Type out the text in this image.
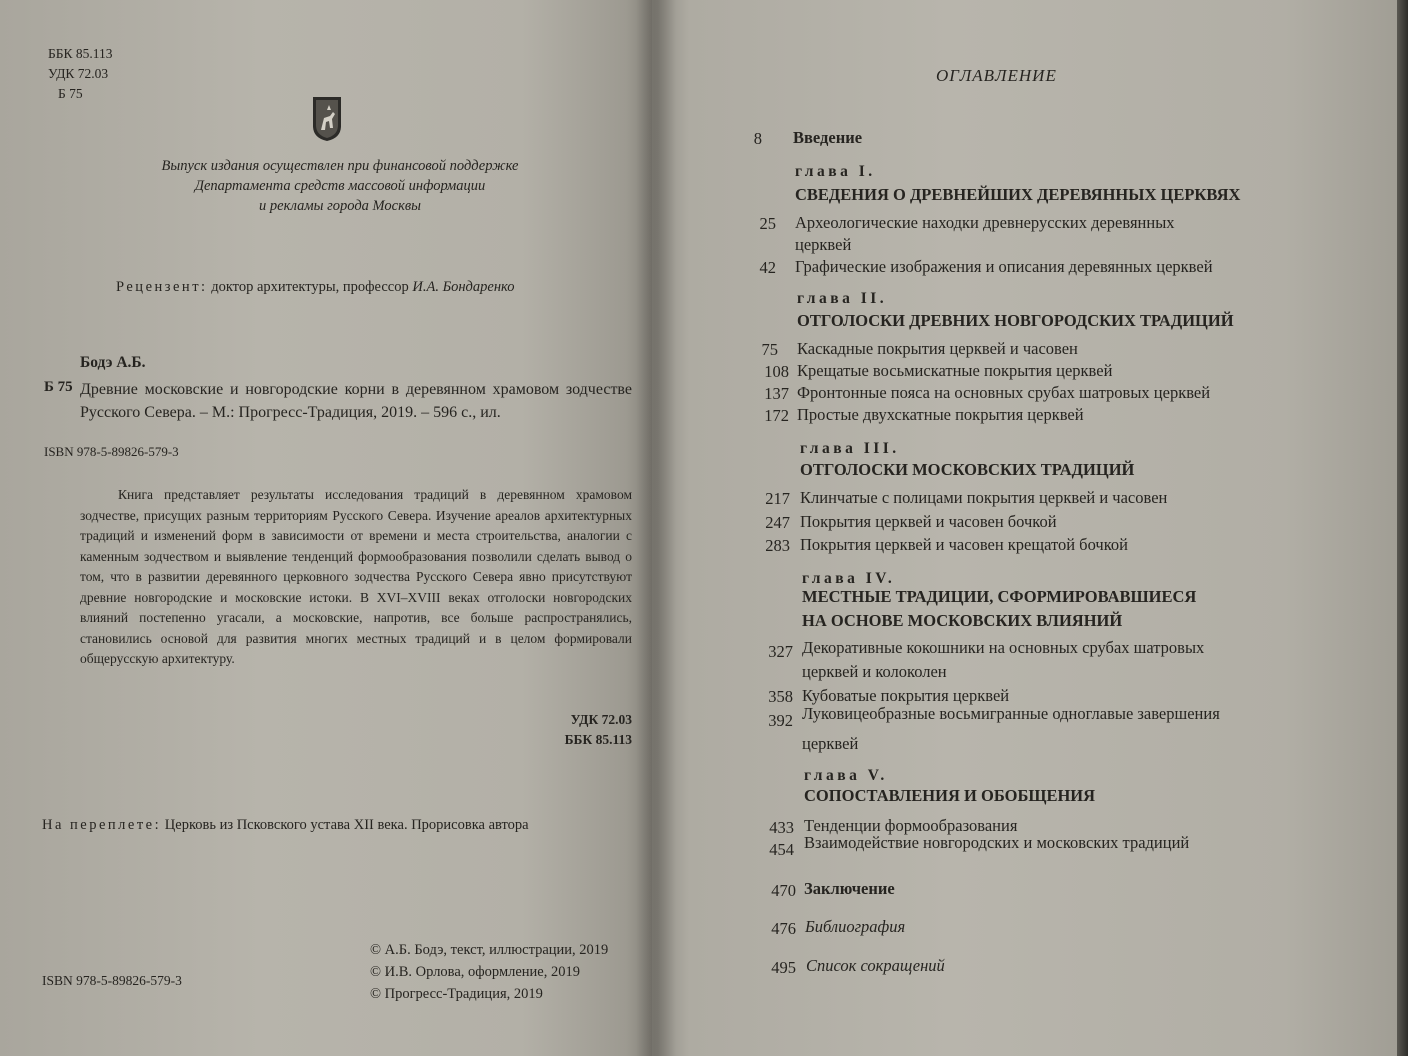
ББК 85.113
УДК 72.03
Б 75
Выпуск издания осуществлен при финансовой поддержке
Департамента средств массовой информации
и рекламы города Москвы
Рецензент: доктор архитектуры, профессор И.А. Бондаренко
Бодэ А.Б.
Б 75 Древние московские и новгородские корни в деревянном храмовом зодчестве Русского Севера. – М.: Прогресс-Традиция, 2019. – 596 с., ил.
ISBN 978-5-89826-579-3
Книга представляет результаты исследования традиций в деревянном храмовом зодчестве, присущих разным территориям Русского Севера. Изучение ареалов архитектурных традиций и изменений форм в зависимости от времени и места строительства, аналогии с каменным зодчеством и выявление тенденций формообразования позволили сделать вывод о том, что в развитии деревянного церковного зодчества Русского Севера явно присутствуют древние новгородские и московские истоки. В XVI–XVIII веках отголоски новгородских влияний постепенно угасали, а московские, напротив, все больше распространялись, становились основой для развития многих местных традиций и в целом формировали общерусскую архитектуру.
УДК 72.03
ББК 85.113
На переплете: Церковь из Псковского устава XII века. Прорисовка автора
ISBN 978-5-89826-579-3
© А.Б. Бодэ, текст, иллюстрации, 2019
© И.В. Орлова, оформление, 2019
© Прогресс-Традиция, 2019
ОГЛАВЛЕНИЕ
8 Введение
глава I.
СВЕДЕНИЯ О ДРЕВНЕЙШИХ ДЕРЕВЯННЫХ ЦЕРКВЯХ
25 Археологические находки древнерусских деревянных
церквей
42 Графические изображения и описания деревянных церквей
глава II.
ОТГОЛОСКИ ДРЕВНИХ НОВГОРОДСКИХ ТРАДИЦИЙ
75 Каскадные покрытия церквей и часовен
108 Крещатые восьмискатные покрытия церквей
137 Фронтонные пояса на основных срубах шатровых церквей
172 Простые двухскатные покрытия церквей
глава III.
ОТГОЛОСКИ МОСКОВСКИХ ТРАДИЦИЙ
217 Клинчатые с полицами покрытия церквей и часовен
247 Покрытия церквей и часовен бочкой
283 Покрытия церквей и часовен крещатой бочкой
глава IV.
МЕСТНЫЕ ТРАДИЦИИ, СФОРМИРОВАВШИЕСЯ
НА ОСНОВЕ МОСКОВСКИХ ВЛИЯНИЙ
327 Декоративные кокошники на основных срубах шатровых
церквей и колоколен
358 Кубоватые покрытия церквей
392 Луковицеобразные восьмигранные одноглавые завершения
церквей
глава V.
СОПОСТАВЛЕНИЯ И ОБОБЩЕНИЯ
433 Тенденции формообразования
454 Взаимодействие новгородских и московских традиций
470 Заключение
476 Библиография
495 Список сокращений
